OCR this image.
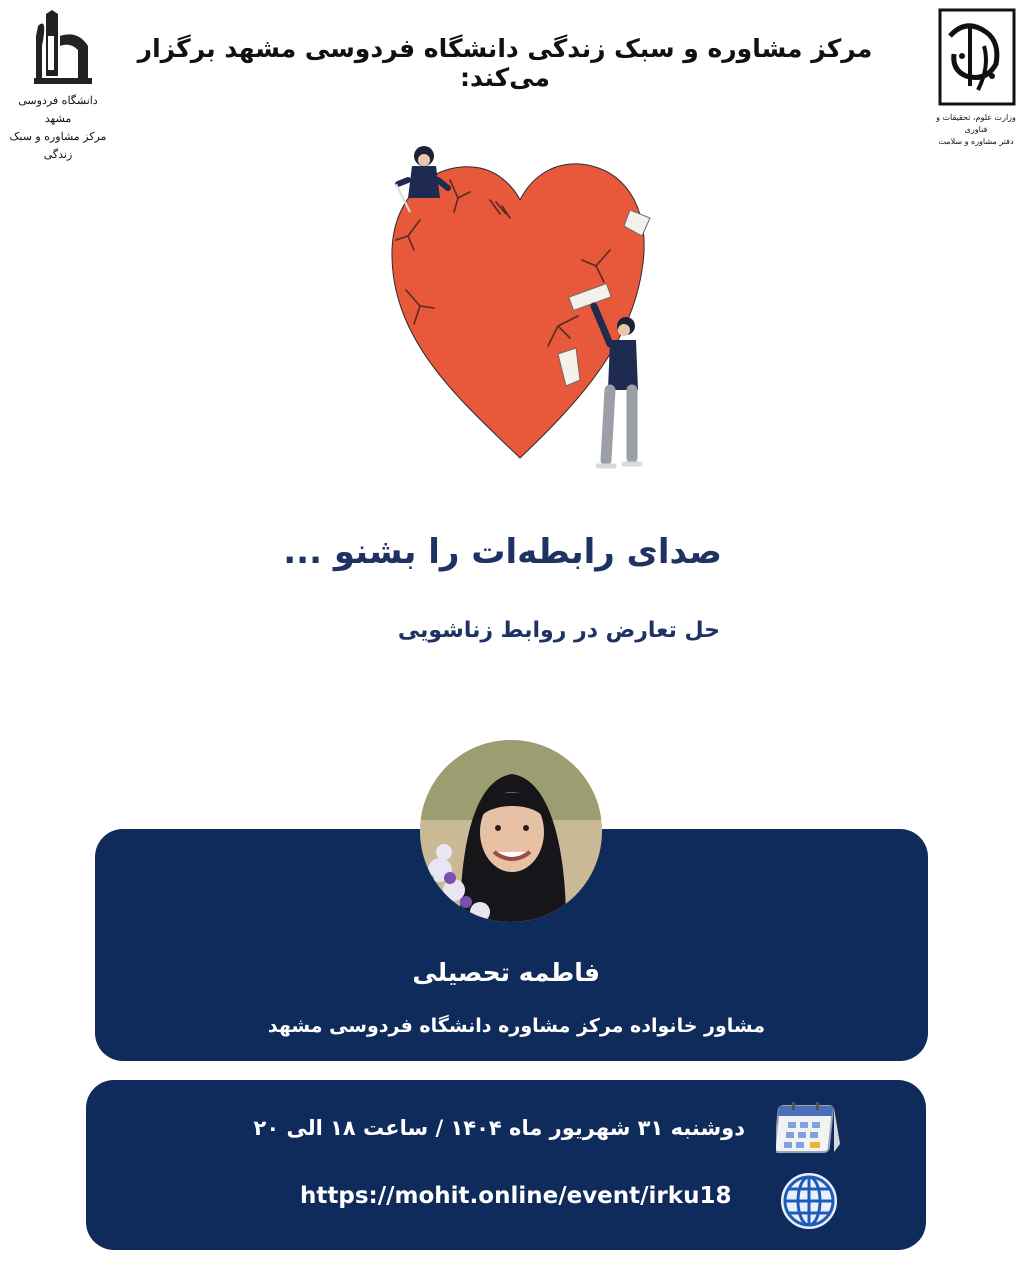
مرکز مشاوره و سبک زندگی دانشگاه فردوسی مشهد برگزار می‌کند:
دانشگاه فردوسی مشهد
مرکز مشاوره و سبک زندگی
وزارت علوم، تحقیقات و فناوری
دفتر مشاوره و سلامت
صدای رابطه‌ات را بشنو ...
حل تعارض در روابط زناشویی
فاطمه تحصیلی
مشاور خانواده مرکز مشاوره دانشگاه فردوسی مشهد
دوشنبه ۳۱ شهریور ماه ۱۴۰۴ / ساعت ۱۸ الی ۲۰
https://mohit.online/event/irku18
